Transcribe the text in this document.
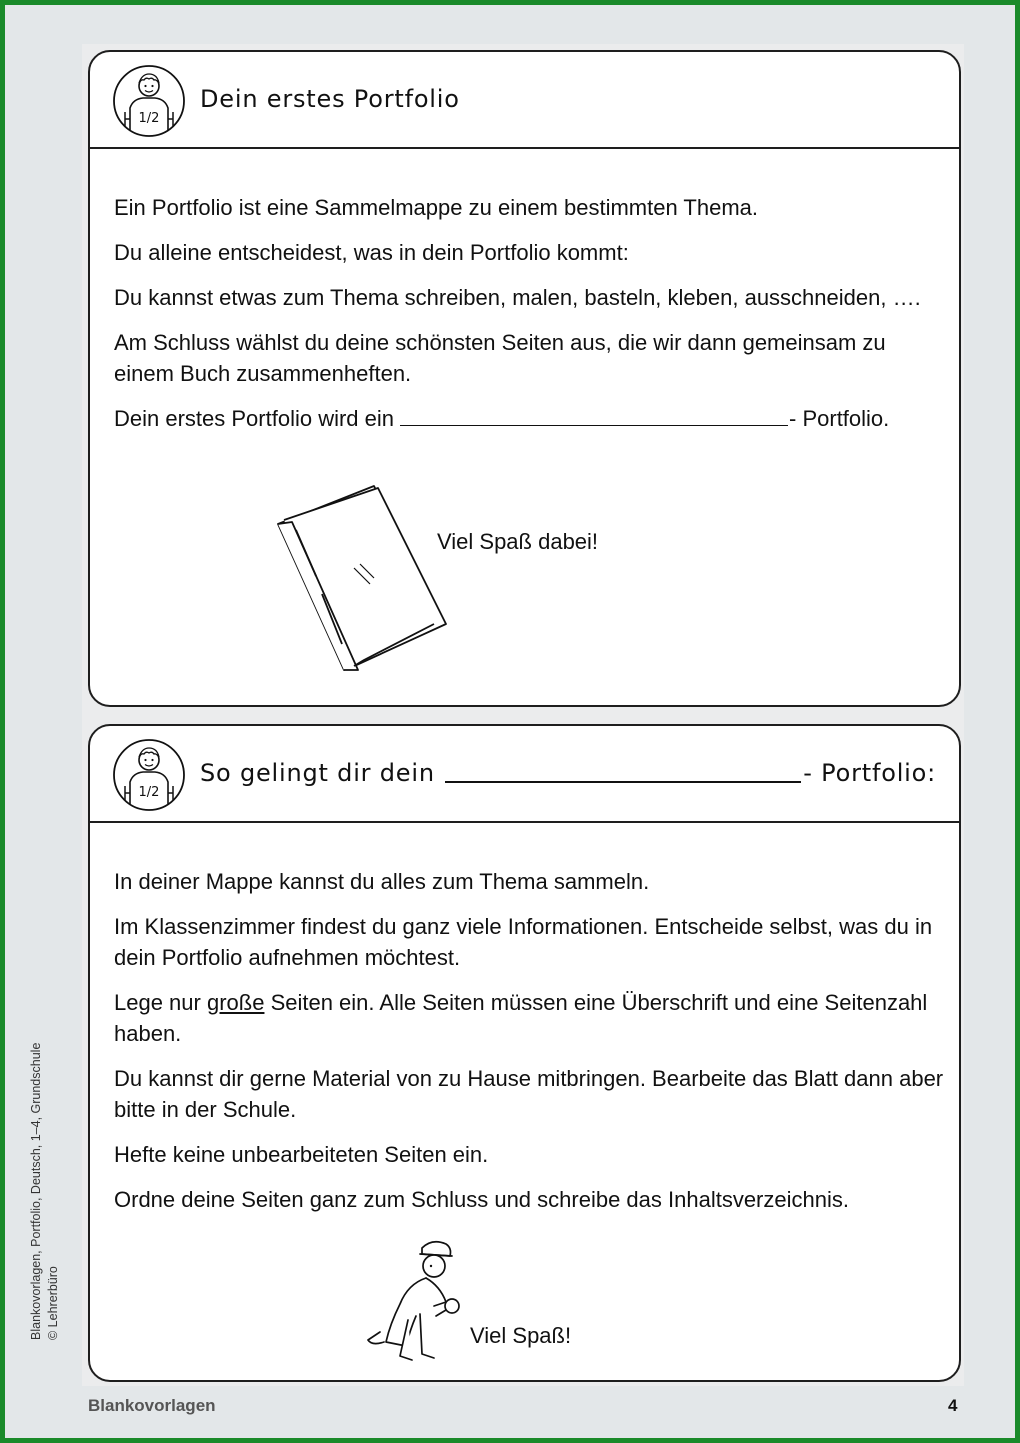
1/2
Dein erstes Portfolio

Ein Portfolio ist eine Sammelmappe zu einem bestimmten Thema.

Du alleine entscheidest, was in dein Portfolio kommt:

Du kannst etwas zum Thema schreiben, malen, basteln, kleben, ausschneiden, ….

Am Schluss wählst du deine schönsten Seiten aus, die wir dann gemeinsam zu einem Buch zusammenheften.

Dein erstes Portfolio wird ein	- Portfolio.

Viel Spaß dabei!
1/2
So gelingt dir dein	- Portfolio:

In deiner Mappe kannst du alles zum Thema sammeln.

Im Klassenzimmer findest du ganz viele Informationen. Entscheide selbst, was du in dein Portfolio aufnehmen möchtest.

Lege nur große Seiten ein. Alle Seiten müssen eine Überschrift und eine Seitenzahl haben.

Du kannst dir gerne Material von zu Hause mitbringen. Bearbeite das Blatt dann aber bitte in der Schule.

Hefte keine unbearbeiteten Seiten ein.

Ordne deine Seiten ganz zum Schluss und schreibe das Inhaltsverzeichnis.

Viel Spaß!
Blankovorlagen, Portfolio, Deutsch, 1–4, Grundschule © Lehrerbüro
Blankovorlagen	4
